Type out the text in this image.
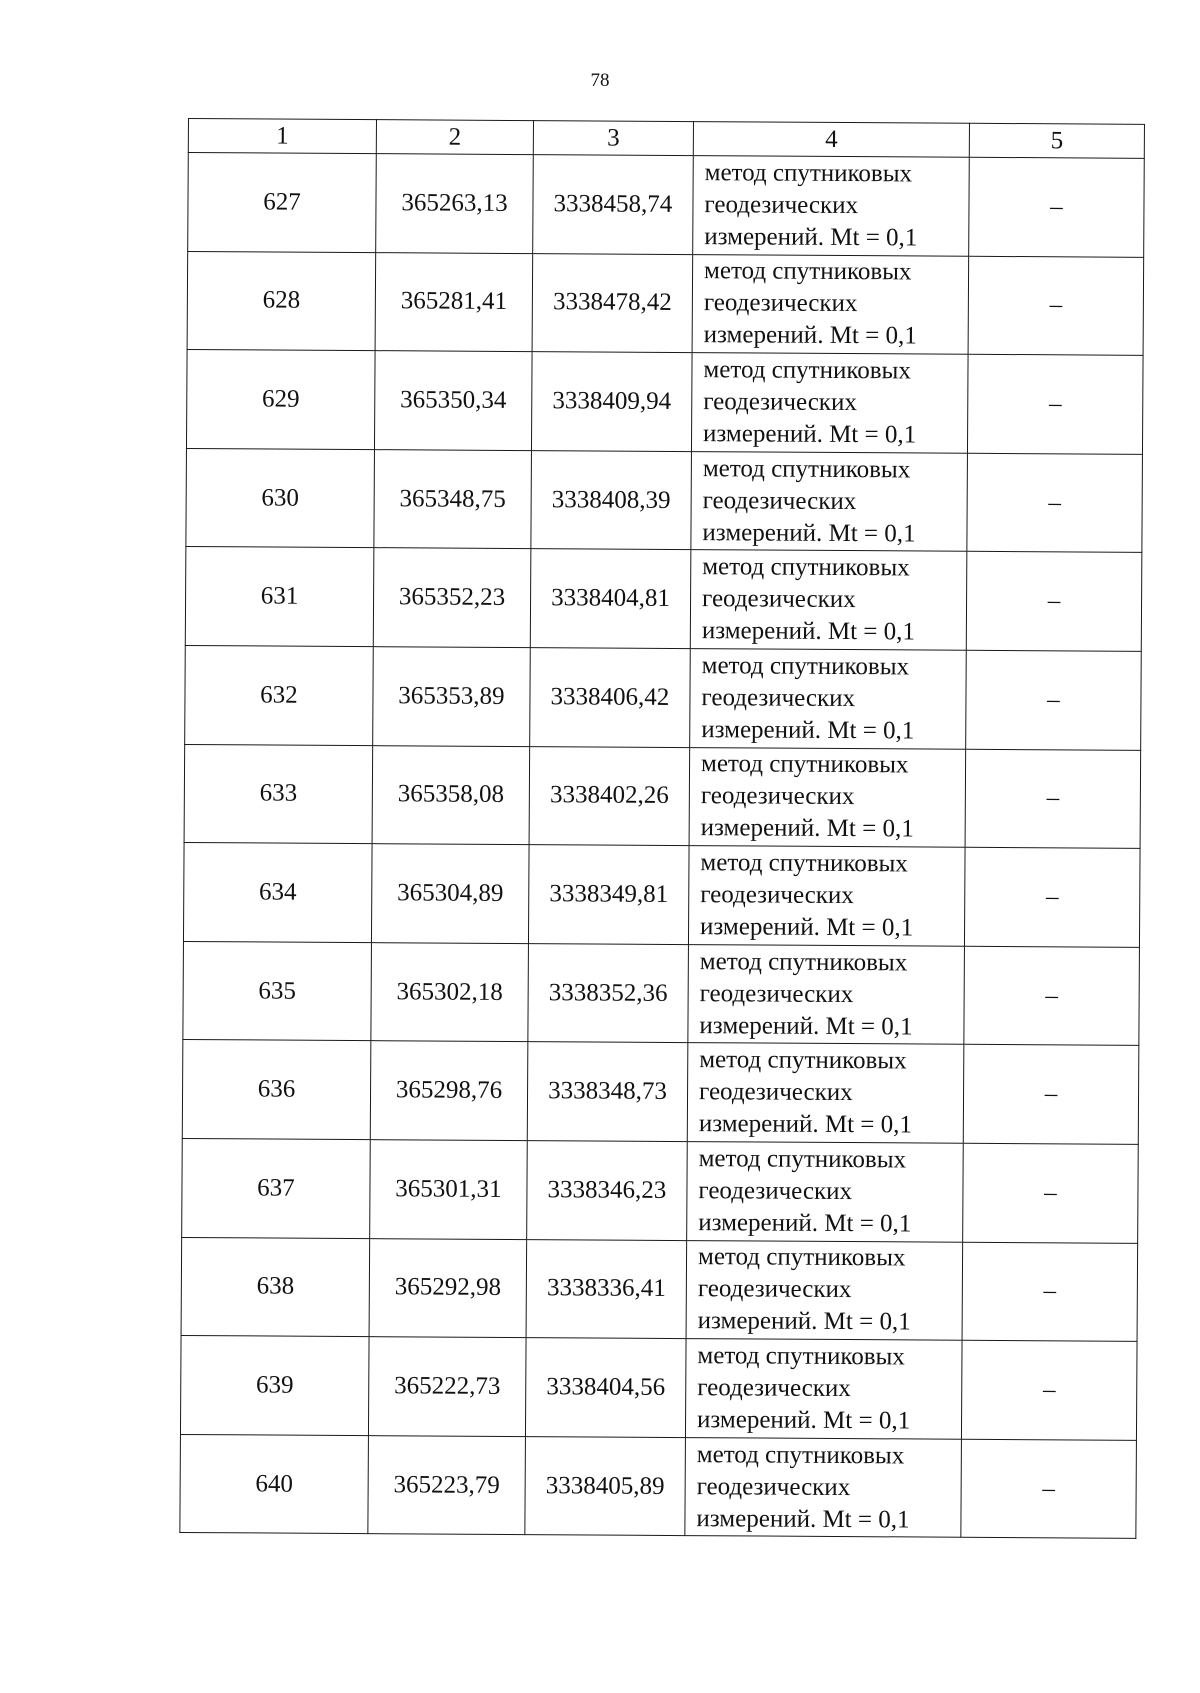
78
1	2	3	4	5
627	365263,13	3338458,74	метод спутниковых
геодезических
измерений. Mt = 0,1	–
628	365281,41	3338478,42	метод спутниковых
геодезических
измерений. Mt = 0,1	–
629	365350,34	3338409,94	метод спутниковых
геодезических
измерений. Mt = 0,1	–
630	365348,75	3338408,39	метод спутниковых
геодезических
измерений. Mt = 0,1	–
631	365352,23	3338404,81	метод спутниковых
геодезических
измерений. Mt = 0,1	–
632	365353,89	3338406,42	метод спутниковых
геодезических
измерений. Mt = 0,1	–
633	365358,08	3338402,26	метод спутниковых
геодезических
измерений. Mt = 0,1	–
634	365304,89	3338349,81	метод спутниковых
геодезических
измерений. Mt = 0,1	–
635	365302,18	3338352,36	метод спутниковых
геодезических
измерений. Mt = 0,1	–
636	365298,76	3338348,73	метод спутниковых
геодезических
измерений. Mt = 0,1	–
637	365301,31	3338346,23	метод спутниковых
геодезических
измерений. Mt = 0,1	–
638	365292,98	3338336,41	метод спутниковых
геодезических
измерений. Mt = 0,1	–
639	365222,73	3338404,56	метод спутниковых
геодезических
измерений. Mt = 0,1	–
640	365223,79	3338405,89	метод спутниковых
геодезических
измерений. Mt = 0,1	–
